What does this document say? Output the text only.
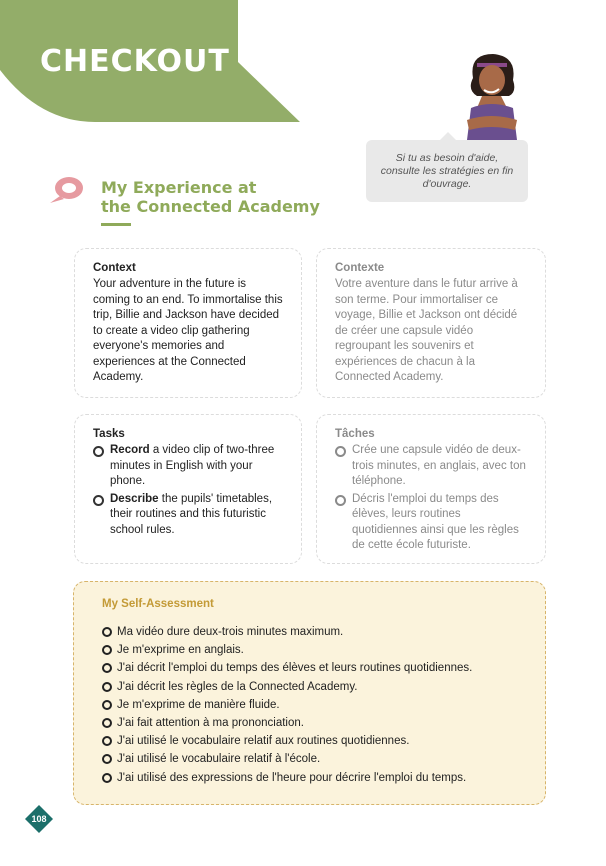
CHECKOUT
Si tu as besoin d'aide,
consulte les stratégies en fin
d'ouvrage.
My Experience at
the Connected Academy
Context
Your adventure in the future is coming to an end. To immortalise this trip, Billie and Jackson have decided to create a video clip gathering everyone's memories and experiences at the Connected Academy.
Contexte
Votre aventure dans le futur arrive à son terme. Pour immortaliser ce voyage, Billie et Jackson ont décidé de créer une capsule vidéo regroupant les souvenirs et expériences de chacun à la Connected Academy.
Tasks
Record a video clip of two-three minutes in English with your phone.
Describe the pupils' timetables, their routines and this futuristic school rules.
Tâches
Crée une capsule vidéo de deux-trois minutes, en anglais, avec ton téléphone.
Décris l'emploi du temps des élèves, leurs routines quotidiennes ainsi que les règles de cette école futuriste.
My Self-Assessment
Ma vidéo dure deux-trois minutes maximum.
Je m'exprime en anglais.
J'ai décrit l'emploi du temps des élèves et leurs routines quotidiennes.
J'ai décrit les règles de la Connected Academy.
Je m'exprime de manière fluide.
J'ai fait attention à ma prononciation.
J'ai utilisé le vocabulaire relatif aux routines quotidiennes.
J'ai utilisé le vocabulaire relatif à l'école.
J'ai utilisé des expressions de l'heure pour décrire l'emploi du temps.
108
